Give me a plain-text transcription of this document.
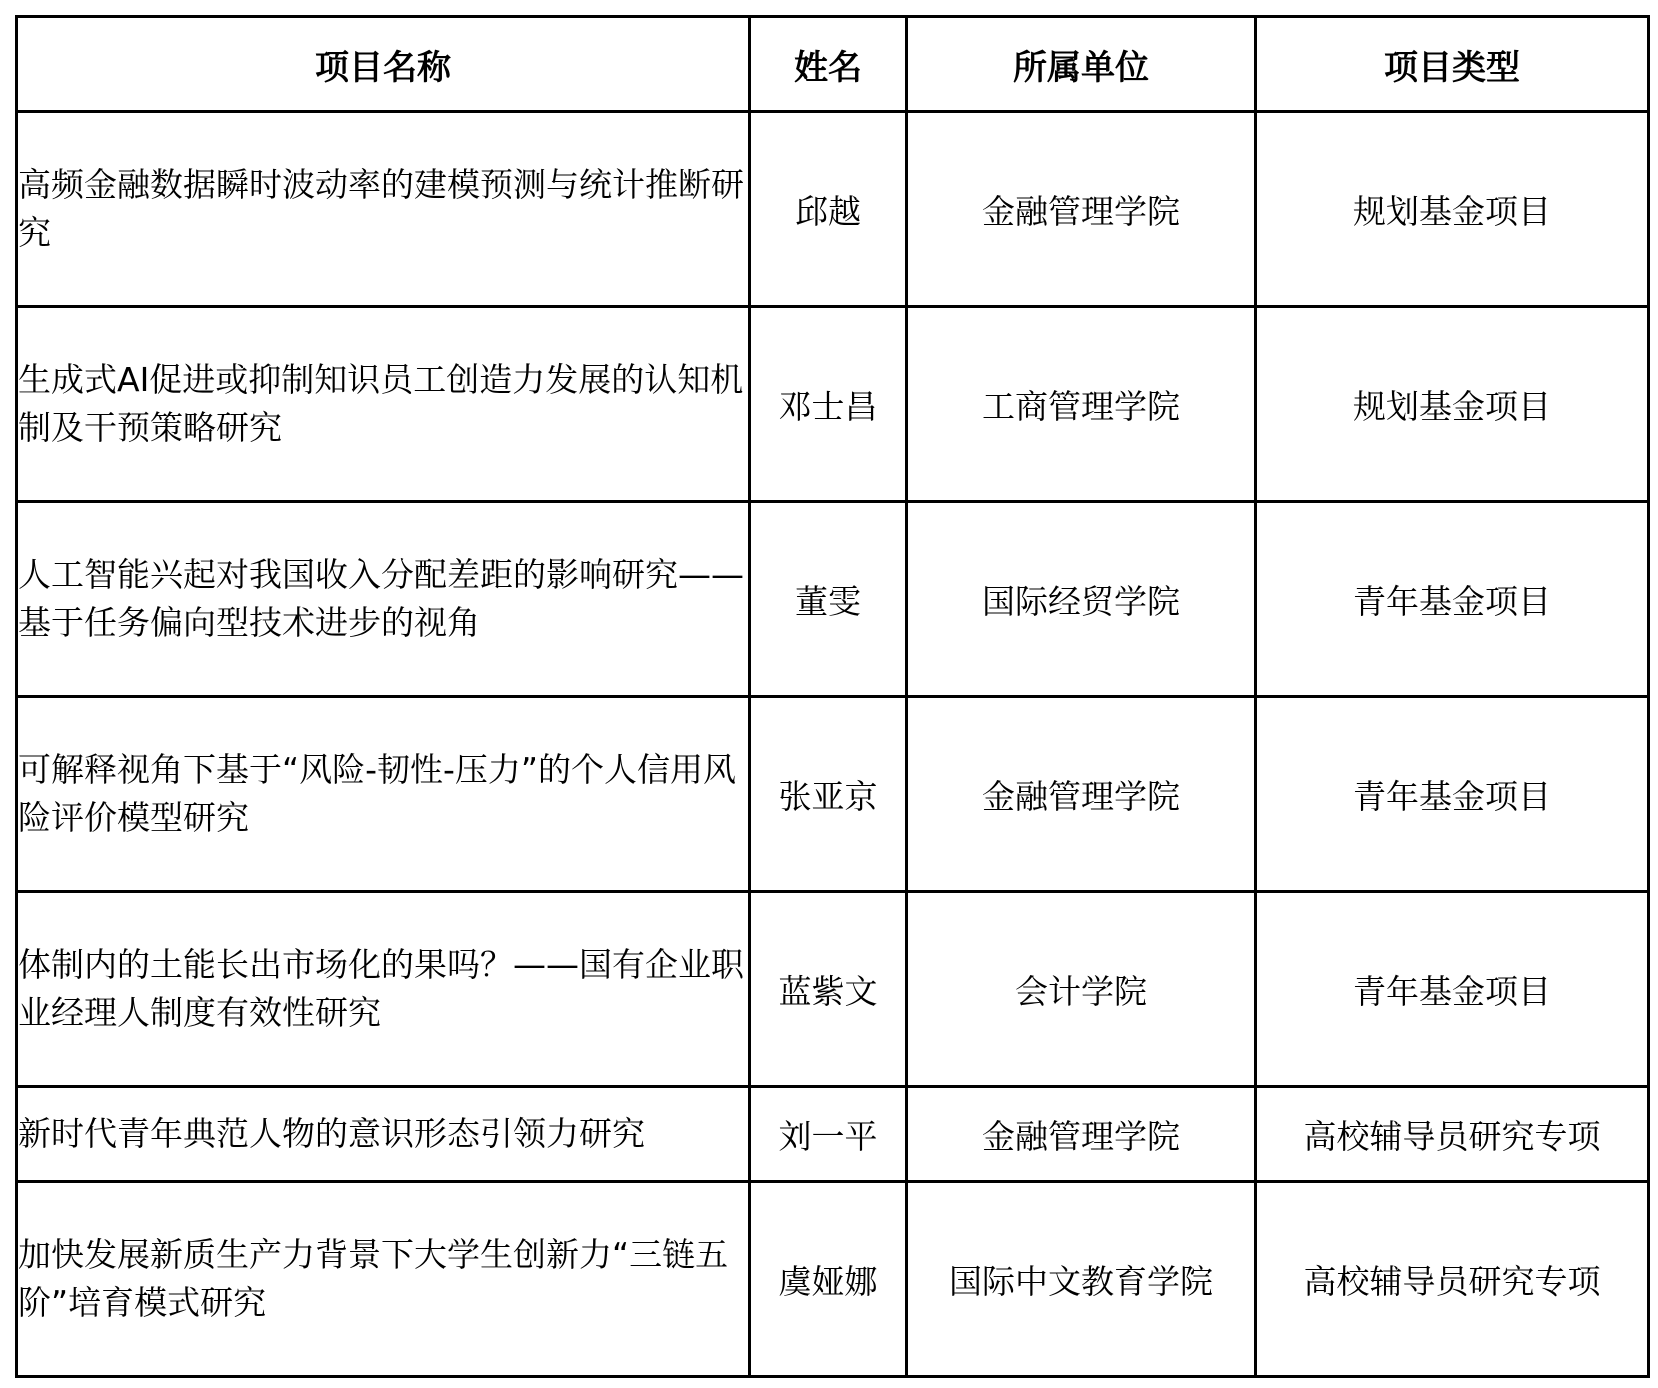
项目名称	姓名	所属单位	项目类型
高频金融数据瞬时波动率的建模预测与统计推断研究	邱越	金融管理学院	规划基金项目
生成式AI促进或抑制知识员工创造力发展的认知机制及干预策略研究	邓士昌	工商管理学院	规划基金项目
人工智能兴起对我国收入分配差距的影响研究——基于任务偏向型技术进步的视角	董雯	国际经贸学院	青年基金项目
可解释视角下基于“风险-韧性-压力”的个人信用风险评价模型研究	张亚京	金融管理学院	青年基金项目
体制内的土能长出市场化的果吗？——国有企业职业经理人制度有效性研究	蓝紫文	会计学院	青年基金项目
新时代青年典范人物的意识形态引领力研究	刘一平	金融管理学院	高校辅导员研究专项
加快发展新质生产力背景下大学生创新力“三链五阶”培育模式研究	虞娅娜	国际中文教育学院	高校辅导员研究专项
